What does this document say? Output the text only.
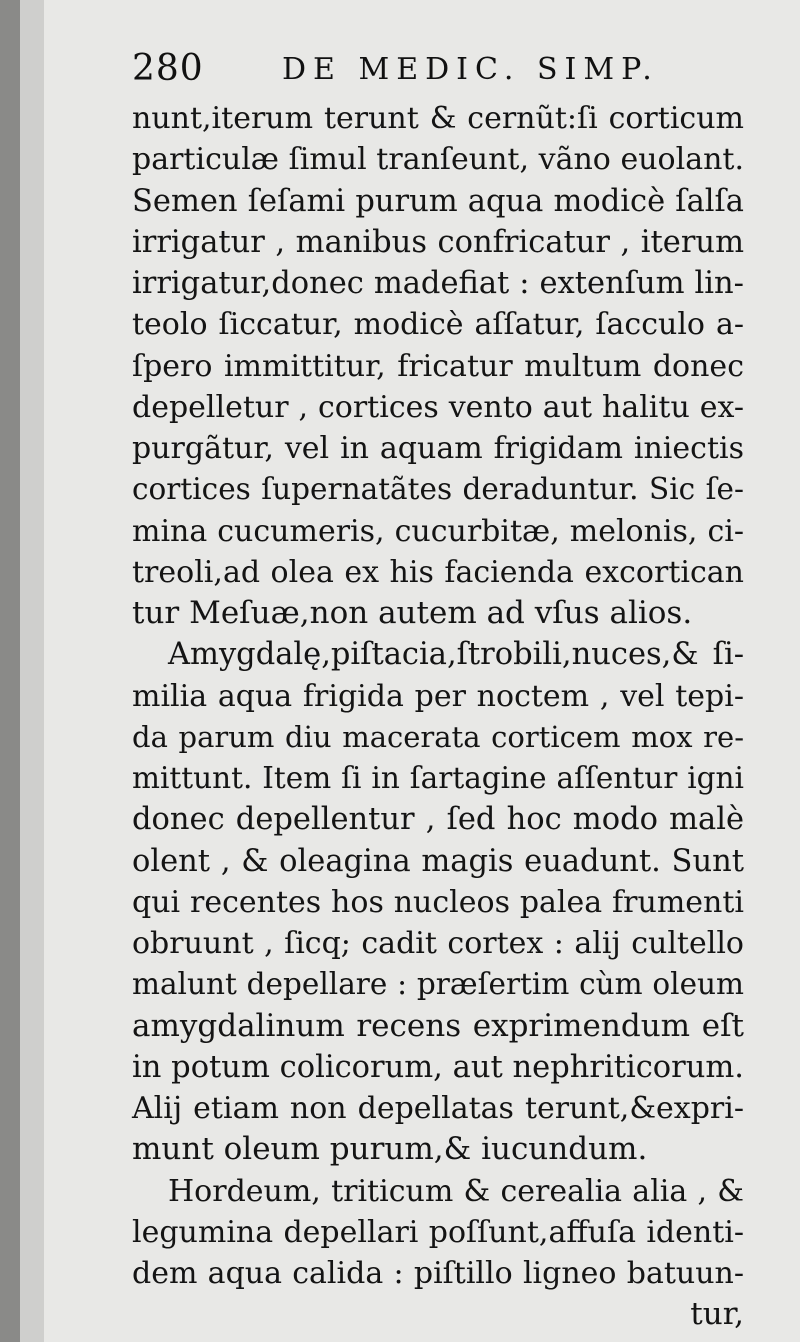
280	DE MEDIC. SIMP.
nunt,iterum terunt & cernũt:ſi corticum
particulæ ſimul tranſeunt, vãno euolant.
Semen ſeſami purum aqua modicè ſalſa
irrigatur , manibus confricatur , iterum
irrigatur,donec madefiat : extenſum lin-
teolo ſiccatur, modicè aſſatur, ſacculo a-
ſpero immittitur, fricatur multum donec
depelletur , cortices vento aut halitu ex-
purgãtur, vel in aquam frigidam iniectis
cortices ſupernatãtes deraduntur. Sic ſe-
mina cucumeris, cucurbitæ, melonis, ci-
treoli,ad olea ex his facienda excortican
tur Meſuæ,non autem ad vſus alios.
Amygdalę,piſtacia,ſtrobili,nuces,& ſi-
milia aqua frigida per noctem , vel tepi-
da parum diu macerata corticem mox re-
mittunt. Item ſi in ſartagine aſſentur igni
donec depellentur , ſed hoc modo malè
olent , & oleagina magis euadunt. Sunt
qui recentes hos nucleos palea frumenti
obruunt , ſicq; cadit cortex : alij cultello
malunt depellare : præſertim cùm oleum
amygdalinum recens exprimendum eſt
in potum colicorum, aut nephriticorum.
Alij etiam non depellatas terunt,&expri-
munt oleum purum,& iucundum.
Hordeum, triticum & cerealia alia , &
legumina depellari poſſunt,affuſa identi-
dem aqua calida : piſtillo ligneo batuun-
tur,
